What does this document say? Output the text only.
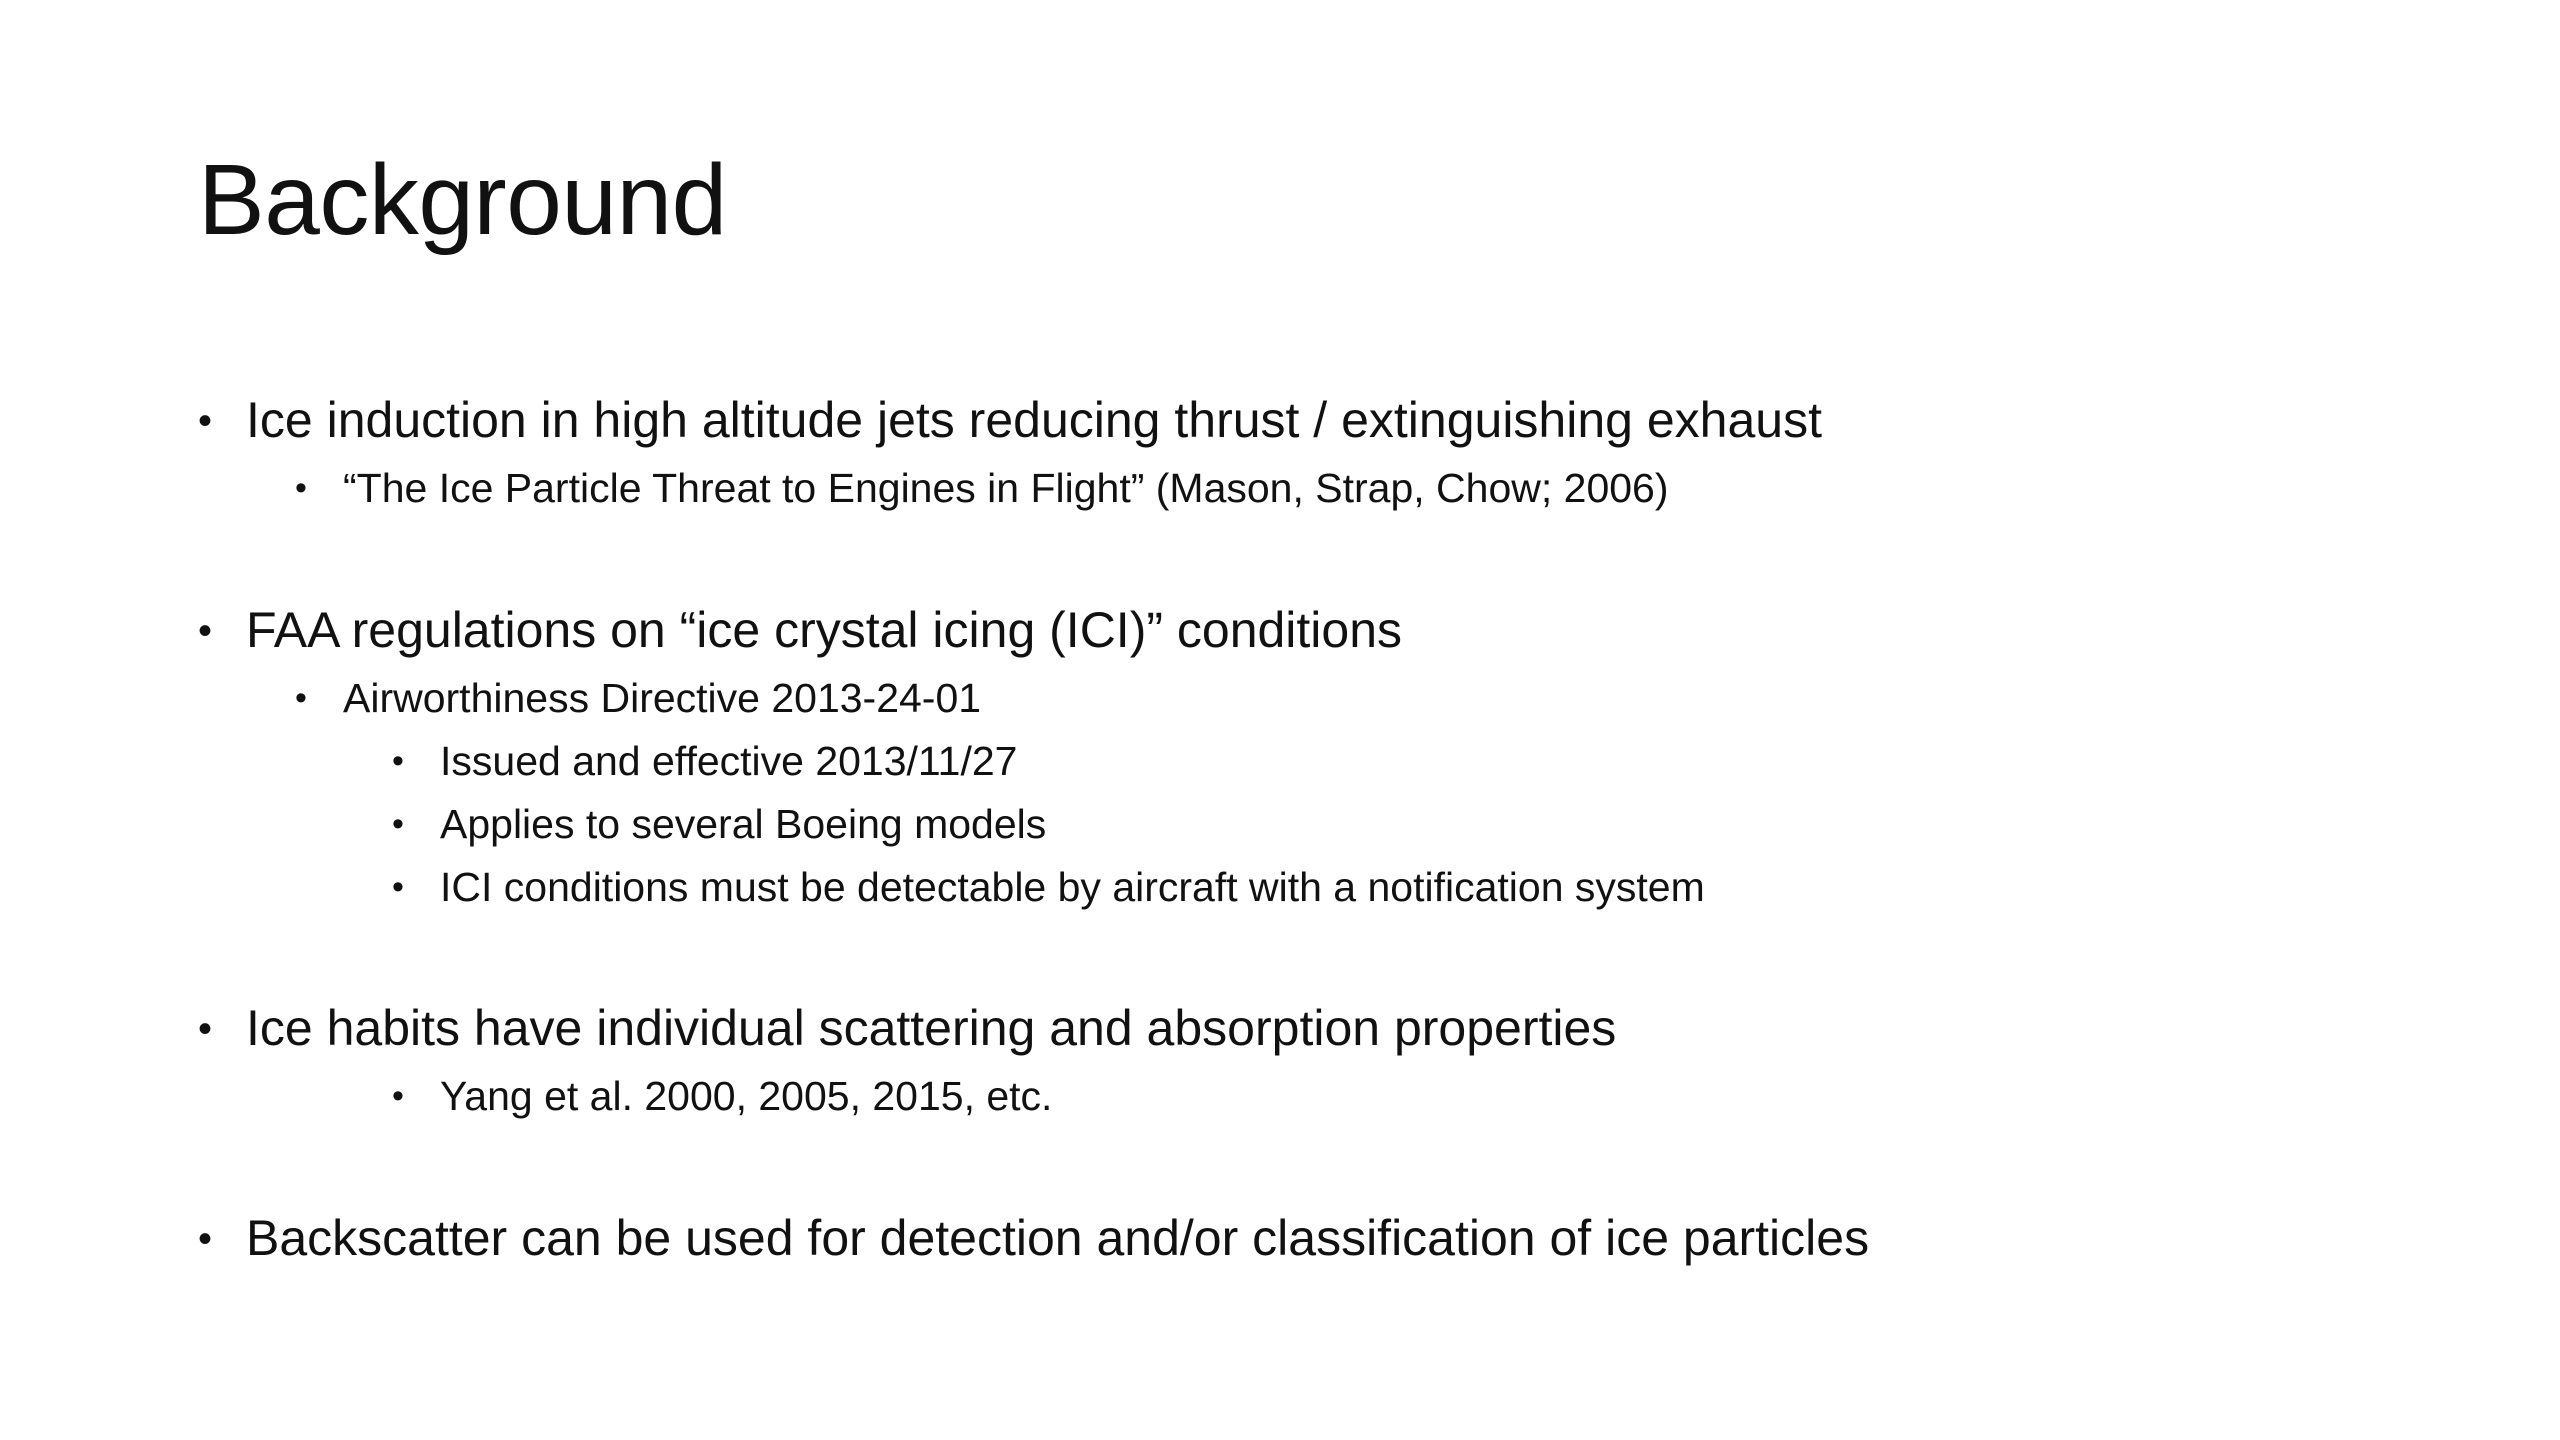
Background
• Ice induction in high altitude jets reducing thrust / extinguishing exhaust
• “The Ice Particle Threat to Engines in Flight” (Mason, Strap, Chow; 2006)
• FAA regulations on “ice crystal icing (ICI)” conditions
• Airworthiness Directive 2013-24-01
• Issued and effective 2013/11/27
• Applies to several Boeing models
• ICI conditions must be detectable by aircraft with a notification system
• Ice habits have individual scattering and absorption properties
• Yang et al. 2000, 2005, 2015, etc.
• Backscatter can be used for detection and/or classification of ice particles
